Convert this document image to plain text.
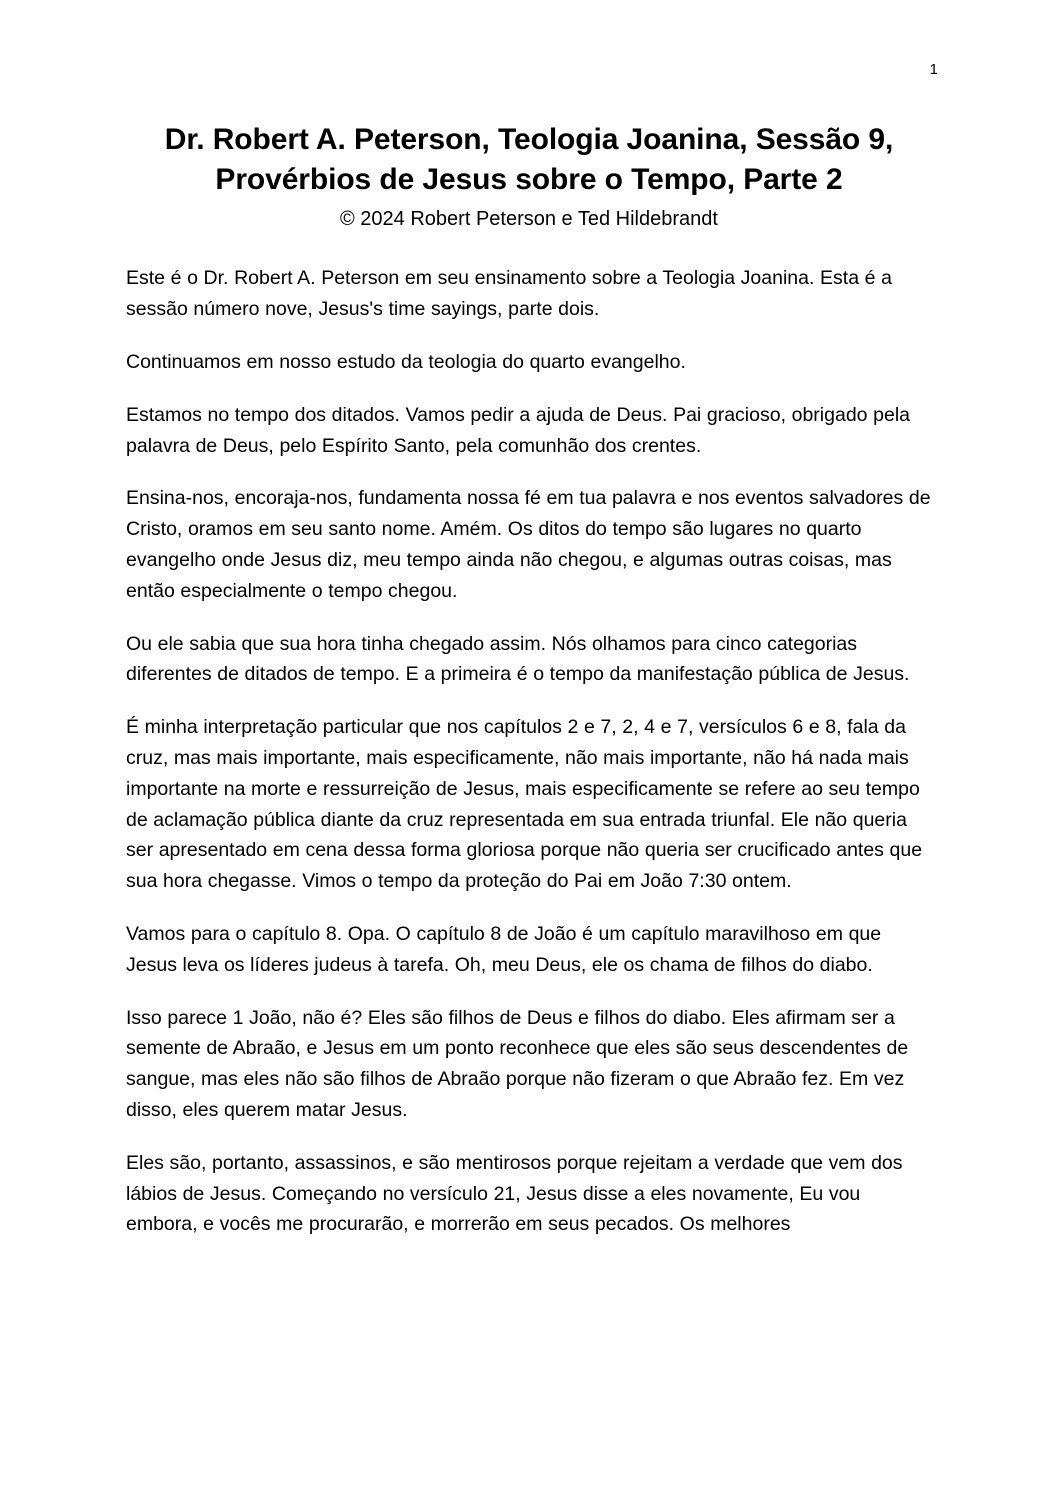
1
Dr. Robert A. Peterson, Teologia Joanina, Sessão 9, Provérbios de Jesus sobre o Tempo, Parte 2
© 2024 Robert Peterson e Ted Hildebrandt

Este é o Dr. Robert A. Peterson em seu ensinamento sobre a Teologia Joanina. Esta é a sessão número nove, Jesus's time sayings, parte dois.

Continuamos em nosso estudo da teologia do quarto evangelho.

Estamos no tempo dos ditados. Vamos pedir a ajuda de Deus. Pai gracioso, obrigado pela palavra de Deus, pelo Espírito Santo, pela comunhão dos crentes.

Ensina-nos, encoraja-nos, fundamenta nossa fé em tua palavra e nos eventos salvadores de Cristo, oramos em seu santo nome. Amém. Os ditos do tempo são lugares no quarto evangelho onde Jesus diz, meu tempo ainda não chegou, e algumas outras coisas, mas então especialmente o tempo chegou.

Ou ele sabia que sua hora tinha chegado assim. Nós olhamos para cinco categorias diferentes de ditados de tempo. E a primeira é o tempo da manifestação pública de Jesus.

É minha interpretação particular que nos capítulos 2 e 7, 2, 4 e 7, versículos 6 e 8, fala da cruz, mas mais importante, mais especificamente, não mais importante, não há nada mais importante na morte e ressurreição de Jesus, mais especificamente se refere ao seu tempo de aclamação pública diante da cruz representada em sua entrada triunfal. Ele não queria ser apresentado em cena dessa forma gloriosa porque não queria ser crucificado antes que sua hora chegasse. Vimos o tempo da proteção do Pai em João 7:30 ontem.

Vamos para o capítulo 8. Opa. O capítulo 8 de João é um capítulo maravilhoso em que Jesus leva os líderes judeus à tarefa. Oh, meu Deus, ele os chama de filhos do diabo.

Isso parece 1 João, não é? Eles são filhos de Deus e filhos do diabo. Eles afirmam ser a semente de Abraão, e Jesus em um ponto reconhece que eles são seus descendentes de sangue, mas eles não são filhos de Abraão porque não fizeram o que Abraão fez. Em vez disso, eles querem matar Jesus.

Eles são, portanto, assassinos, e são mentirosos porque rejeitam a verdade que vem dos lábios de Jesus. Começando no versículo 21, Jesus disse a eles novamente, Eu vou embora, e vocês me procurarão, e morrerão em seus pecados. Os melhores
